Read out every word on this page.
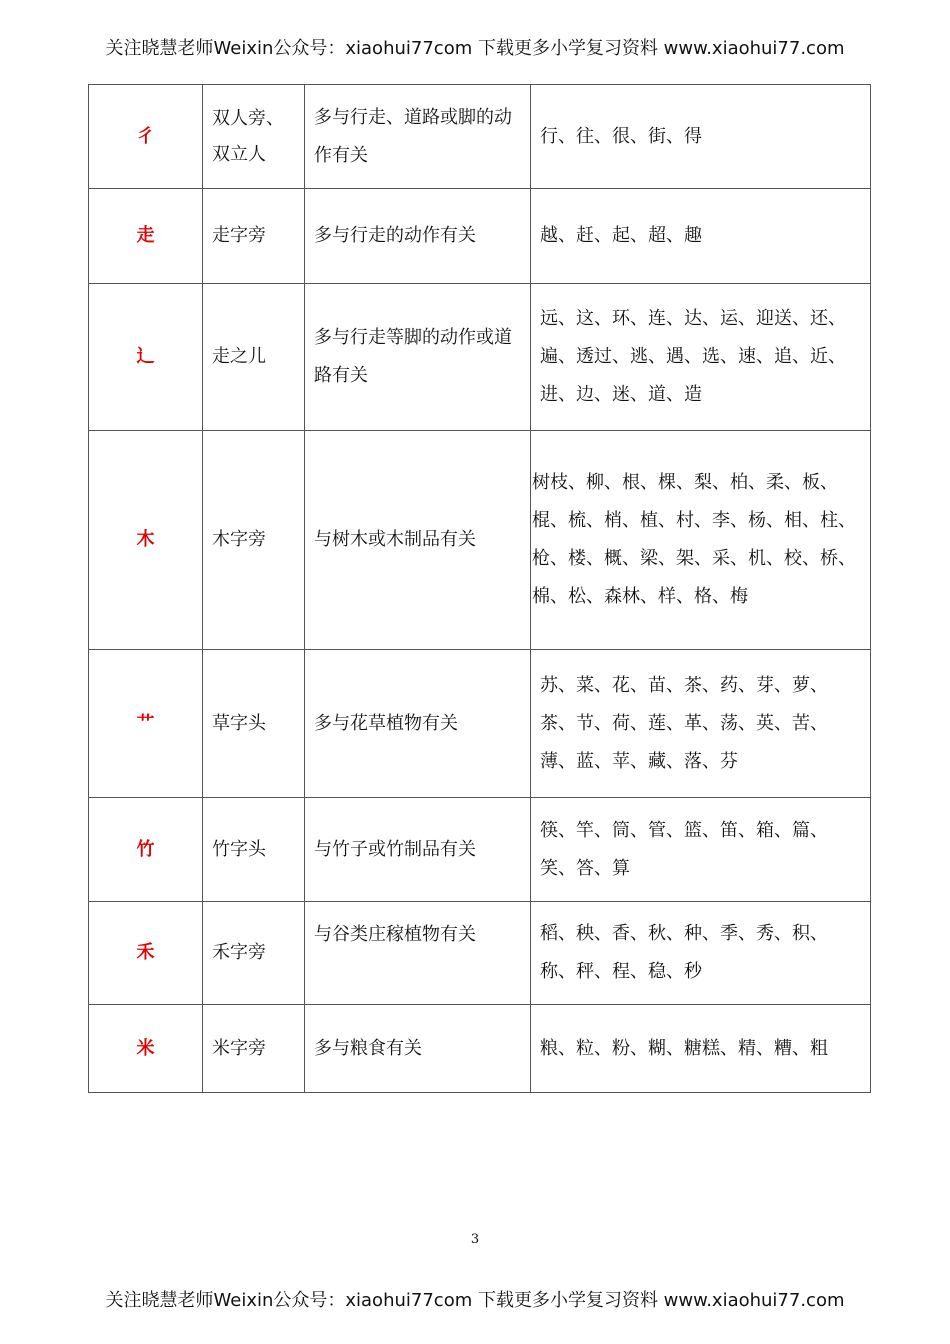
关注晓慧老师Weixin公众号：xiaohui77com 下载更多小学复习资料 www.xiaohui77.com
彳	双人旁、双立人	多与行走、道路或脚的动作有关	行、往、很、街、得
走	走字旁	多与行走的动作有关	越、赶、起、超、趣
辶	走之儿	多与行走等脚的动作或道路有关	远、这、环、连、达、运、迎送、还、遍、透过、逃、遇、选、速、追、近、进、边、迷、道、造
木	木字旁	与树木或木制品有关	树枝、柳、根、棵、梨、柏、柔、板、棍、梳、梢、植、村、李、杨、相、柱、枪、楼、概、梁、架、采、机、校、桥、棉、松、森林、样、格、梅
艹	草字头	多与花草植物有关	苏、菜、花、苗、茶、药、芽、萝、茶、节、荷、莲、革、荡、英、苦、薄、蓝、苹、藏、落、芬
竹	竹字头	与竹子或竹制品有关	筷、竿、筒、管、篮、笛、箱、篇、笑、答、算
禾	禾字旁	与谷类庄稼植物有关	稻、秧、香、秋、种、季、秀、积、称、秤、程、稳、秒
米	米字旁	多与粮食有关	粮、粒、粉、糊、糖糕、精、糟、粗
3
关注晓慧老师Weixin公众号：xiaohui77com 下载更多小学复习资料 www.xiaohui77.com
